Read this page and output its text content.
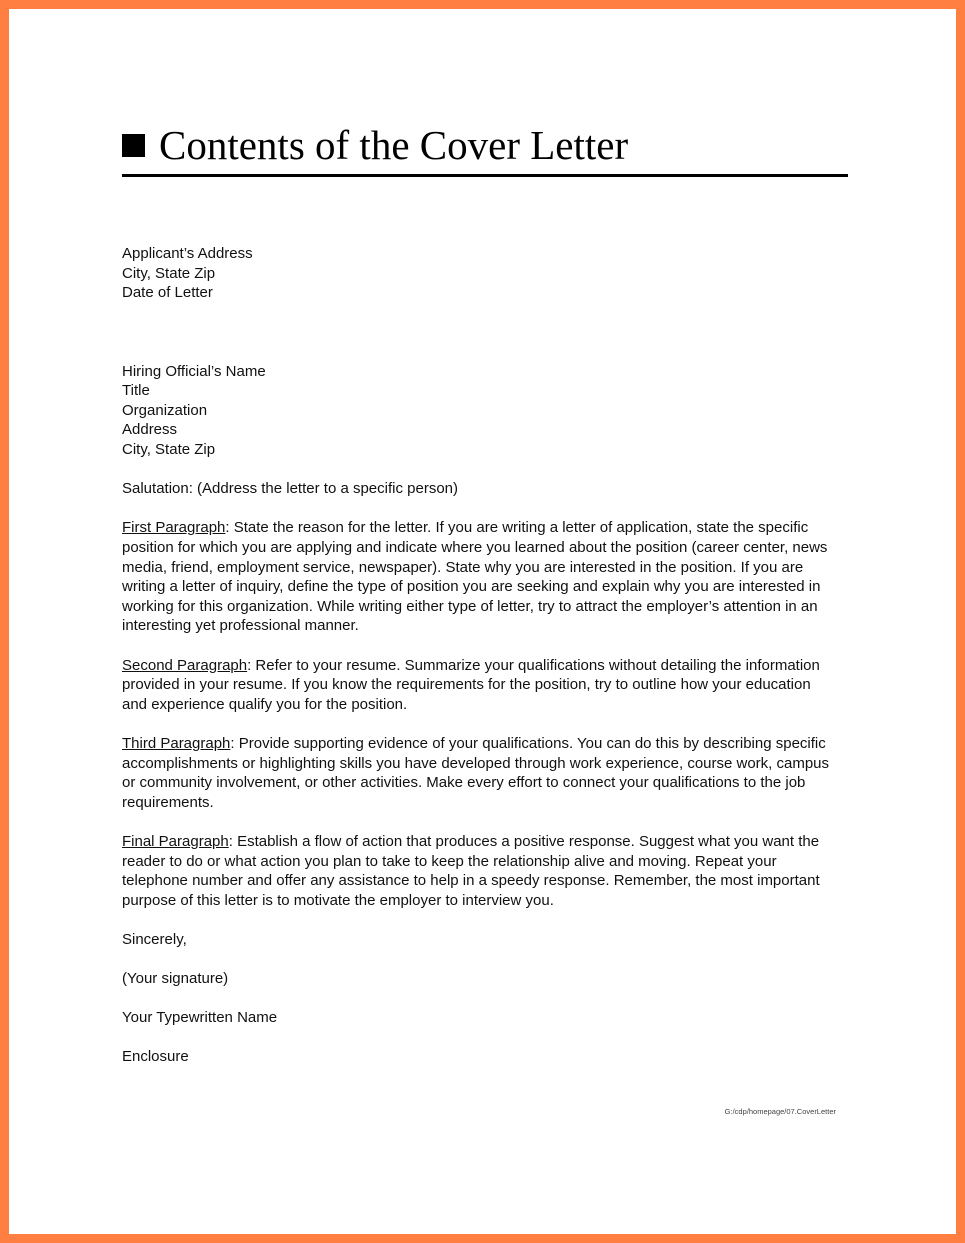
Contents of the Cover Letter
Applicant’s Address
City, State Zip
Date of Letter
Hiring Official’s Name
Title
Organization
Address
City, State Zip

Salutation: (Address the letter to a specific person)

First Paragraph: State the reason for the letter. If you are writing a letter of application, state the specific position for which you are applying and indicate where you learned about the position (career center, news media, friend, employment service, newspaper). State why you are interested in the position. If you are writing a letter of inquiry, define the type of position you are seeking and explain why you are interested in working for this organization. While writing either type of letter, try to attract the employer’s attention in an interesting yet professional manner.

Second Paragraph: Refer to your resume. Summarize your qualifications without detailing the information provided in your resume. If you know the requirements for the position, try to outline how your education and experience qualify you for the position.

Third Paragraph: Provide supporting evidence of your qualifications. You can do this by describing specific accomplishments or highlighting skills you have developed through work experience, course work, campus or community involvement, or other activities. Make every effort to connect your qualifications to the job requirements.

Final Paragraph: Establish a flow of action that produces a positive response. Suggest what you want the reader to do or what action you plan to take to keep the relationship alive and moving. Repeat your telephone number and offer any assistance to help in a speedy response. Remember, the most important purpose of this letter is to motivate the employer to interview you.

Sincerely,

(Your signature)

Your Typewritten Name

Enclosure

G:/cdp/homepage/07.CoverLetter
